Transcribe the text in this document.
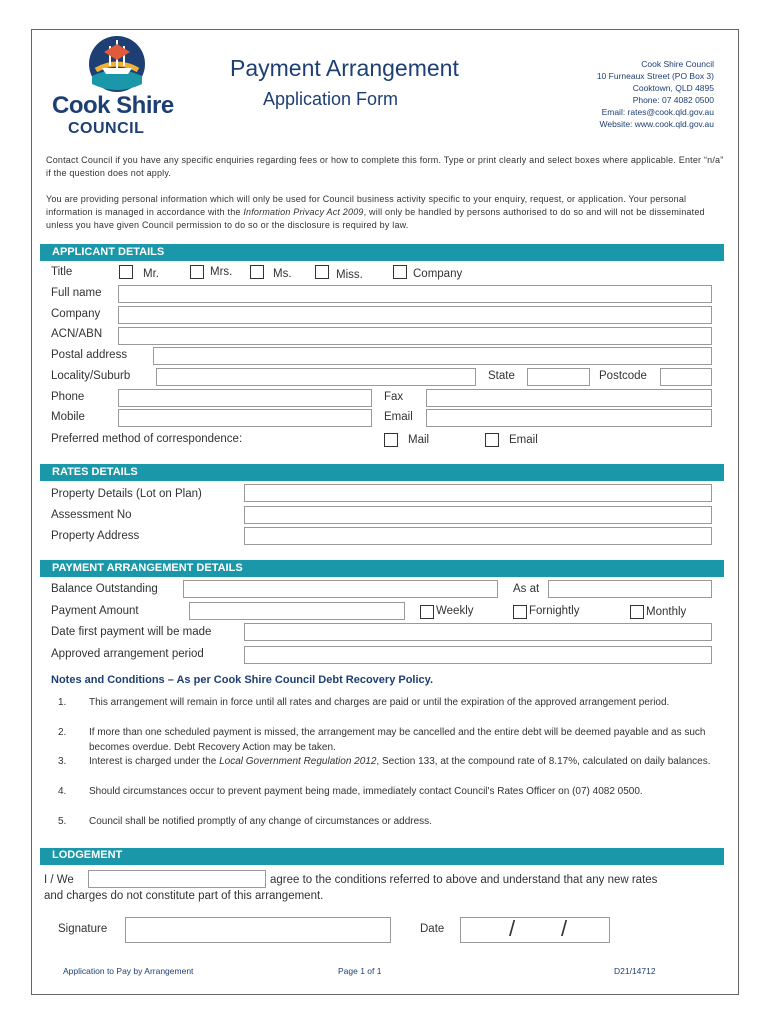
Cook Shire
COUNCIL
Payment Arrangement
Application Form
Cook Shire Council
10 Furneaux Street (PO Box 3)
Cooktown, QLD 4895
Phone: 07 4082 0500
Email: rates@cook.qld.gov.au
Website: www.cook.qld.gov.au
Contact Council if you have any specific enquiries regarding fees or how to complete this form. Type or print clearly and select boxes where applicable. Enter “n/a” if the question does not apply.
You are providing personal information which will only be used for Council business activity specific to your enquiry, request, or application. Your personal information is managed in accordance with the Information Privacy Act 2009, will only be handled by persons authorised to do so and will not be disseminated unless you have given Council permission to do so or the disclosure is required by law.
APPLICANT DETAILS
Title	Mr.	Mrs.	Ms.	Miss.	Company
Full name
Company
ACN/ABN
Postal address
Locality/Suburb	State	Postcode
Phone	Fax
Mobile	Email
Preferred method of correspondence:	Mail	Email
RATES DETAILS
Property Details (Lot on Plan)
Assessment No
Property Address
PAYMENT ARRANGEMENT DETAILS
Balance Outstanding	As at
Payment Amount	Weekly	Fornightly	Monthly
Date first payment will be made
Approved arrangement period
Notes and Conditions – As per Cook Shire Council Debt Recovery Policy.
1. This arrangement will remain in force until all rates and charges are paid or until the expiration of the approved arrangement period.
2. If more than one scheduled payment is missed, the arrangement may be cancelled and the entire debt will be deemed payable and as such becomes overdue. Debt Recovery Action may be taken.
3. Interest is charged under the Local Government Regulation 2012, Section 133, at the compound rate of 8.17%, calculated on daily balances.
4. Should circumstances occur to prevent payment being made, immediately contact Council's Rates Officer on (07) 4082 0500.
5. Council shall be notified promptly of any change of circumstances or address.
LODGEMENT
I / We	agree to the conditions referred to above and understand that any new rates
and charges do not constitute part of this arrangement.
Signature	Date	/ /
Application to Pay by Arrangement	Page 1 of 1	D21/14712
